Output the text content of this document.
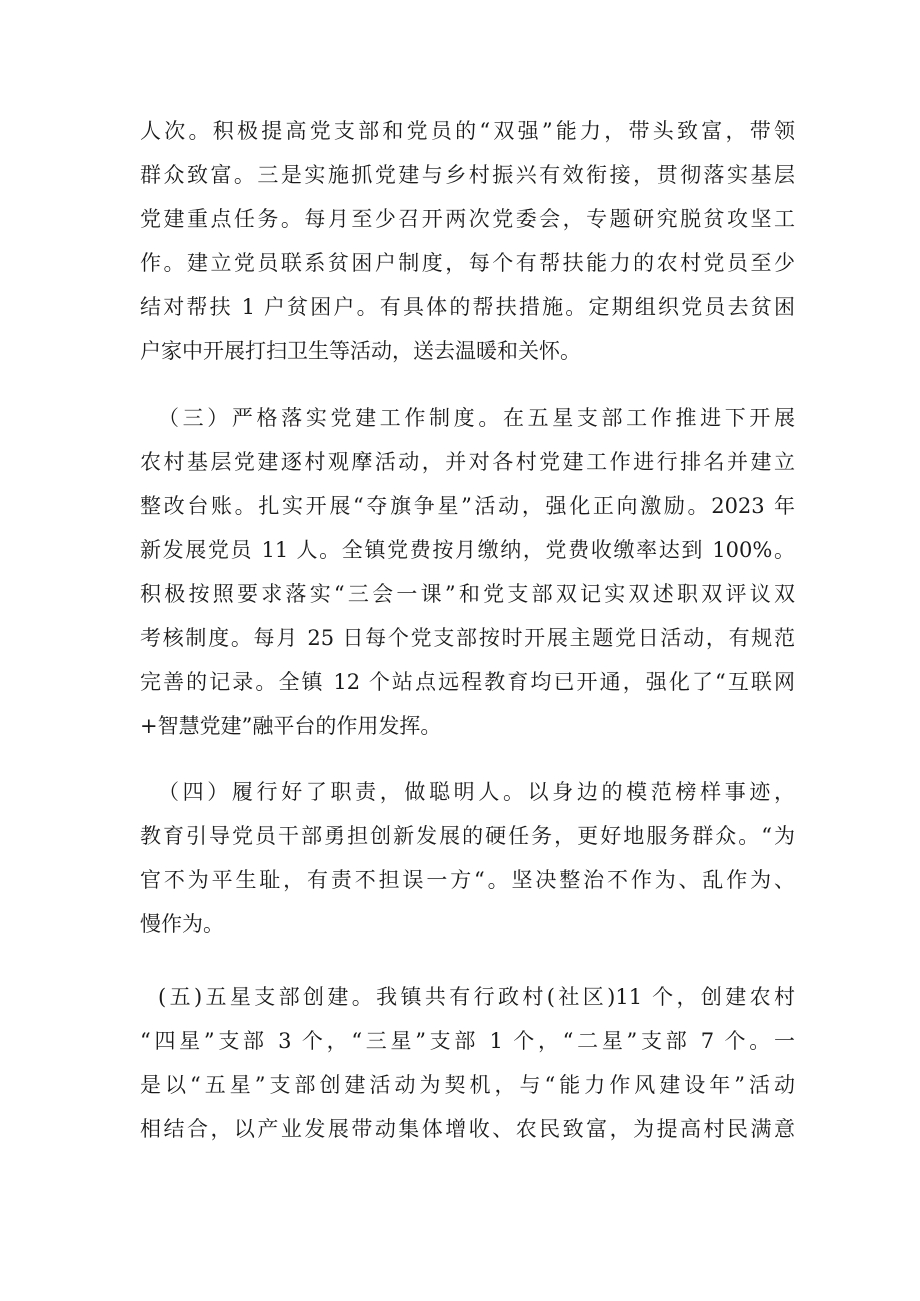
人次。积极提高党支部和党员的“双强”能力，带头致富，带领
群众致富。三是实施抓党建与乡村振兴有效衔接，贯彻落实基层
党建重点任务。每月至少召开两次党委会，专题研究脱贫攻坚工
作。建立党员联系贫困户制度，每个有帮扶能力的农村党员至少
结对帮扶 1 户贫困户。有具体的帮扶措施。定期组织党员去贫困
户家中开展打扫卫生等活动，送去温暖和关怀。
（三）严格落实党建工作制度。在五星支部工作推进下开展
农村基层党建逐村观摩活动，并对各村党建工作进行排名并建立
整改台账。扎实开展“夺旗争星”活动，强化正向激励。2023 年
新发展党员 11 人。全镇党费按月缴纳，党费收缴率达到 100%。
积极按照要求落实“三会一课”和党支部双记实双述职双评议双
考核制度。每月 25 日每个党支部按时开展主题党日活动，有规范
完善的记录。全镇 12 个站点远程教育均已开通，强化了“互联网
+智慧党建”融平台的作用发挥。
（四）履行好了职责，做聪明人。以身边的模范榜样事迹，
教育引导党员干部勇担创新发展的硬任务，更好地服务群众。“为
官不为平生耻，有责不担误一方“。坚决整治不作为、乱作为、
慢作为。
(五)五星支部创建。我镇共有行政村(社区)11 个，创建农村
“四星”支部 3 个，“三星”支部 1 个，“二星”支部 7 个。一
是以“五星”支部创建活动为契机，与“能力作风建设年”活动
相结合，以产业发展带动集体增收、农民致富，为提高村民满意
